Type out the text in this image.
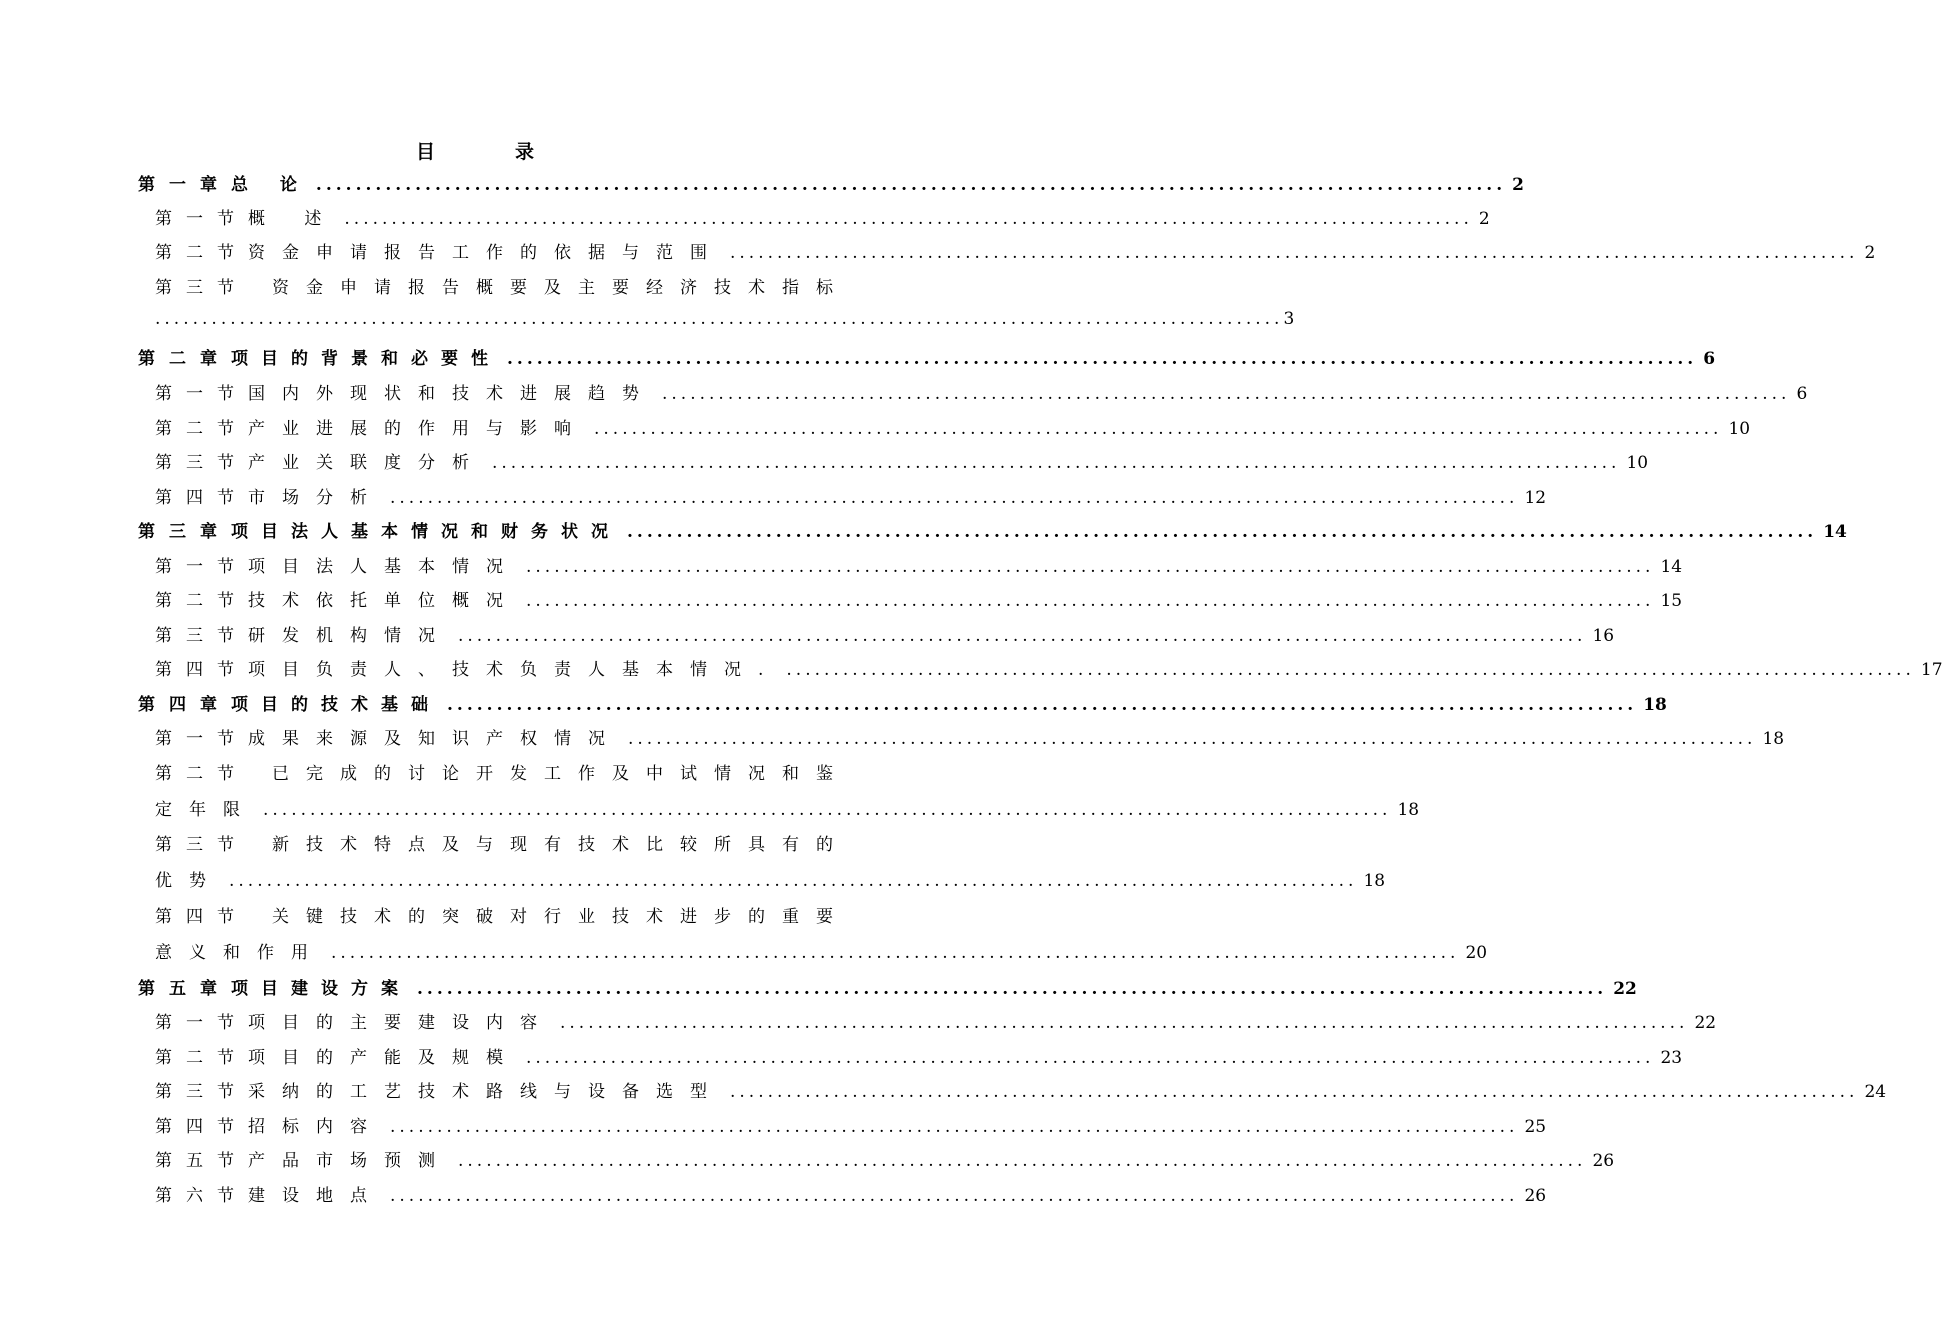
目录
第一章 总 论 ........................................................................................................................ 2
第一节 概 述 ........................................................................................................................ 2
第二节 资金申请报告工作的依据与范围 ........................................................................................................................ 2
第三节	资金申请报告概要及主要经济技术指标
........................................................................................................................ 3
第二章 项目的背景和必要性 ........................................................................................................................ 6
第一节 国内外现状和技术进展趋势 ........................................................................................................................ 6
第二节 产业进展的作用与影响 ........................................................................................................................ 10
第三节 产业关联度分析 ........................................................................................................................ 10
第四节 市场分析 ........................................................................................................................ 12
第三章 项目法人基本情况和财务状况 ........................................................................................................................ 14
第一节 项目法人基本情况 ........................................................................................................................ 14
第二节 技术依托单位概况 ........................................................................................................................ 15
第三节 研发机构情况 ........................................................................................................................ 16
第四节 项目负责人、技术负责人基本情况. ........................................................................................................................ 17
第四章 项目的技术基础 ........................................................................................................................ 18
第一节 成果来源及知识产权情况 ........................................................................................................................ 18
第二节	已完成的讨论开发工作及中试情况和鉴
定年限 ........................................................................................................................ 18
第三节	新技术特点及与现有技术比较所具有的
优势 ........................................................................................................................ 18
第四节	关键技术的突破对行业技术进步的重要
意义和作用 ........................................................................................................................ 20
第五章 项目建设方案 ........................................................................................................................ 22
第一节 项目的主要建设内容 ........................................................................................................................ 22
第二节 项目的产能及规模 ........................................................................................................................ 23
第三节 采纳的工艺技术路线与设备选型 ........................................................................................................................ 24
第四节 招标内容 ........................................................................................................................ 25
第五节 产品市场预测 ........................................................................................................................ 26
第六节 建设地点 ........................................................................................................................ 26
